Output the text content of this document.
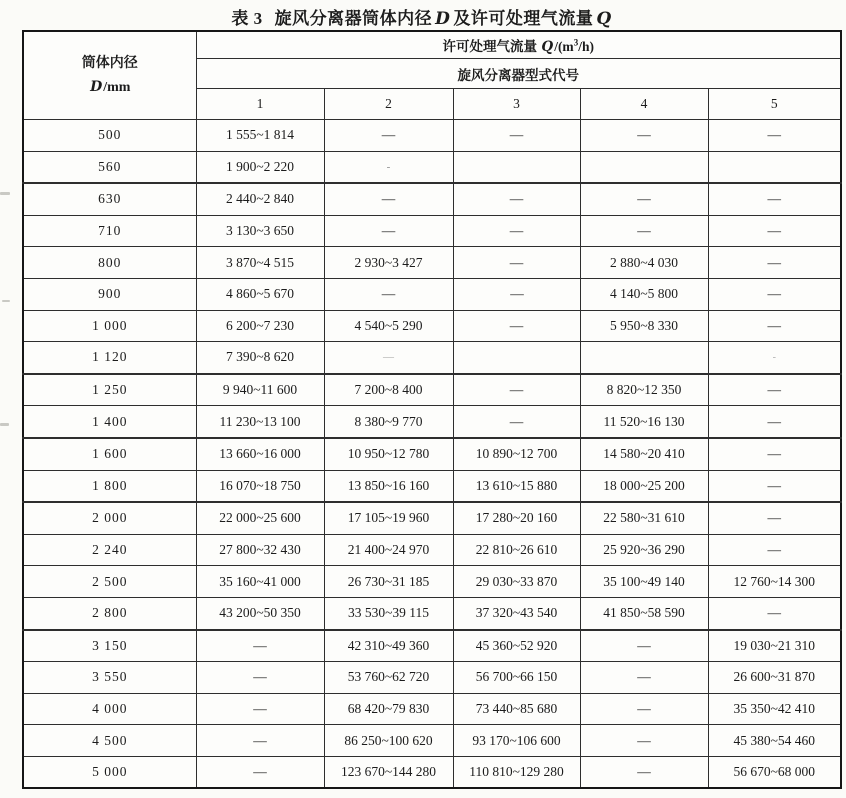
表 3 旋风分离器筒体内径 D 及许可处理气流量 Q
筒体内径
D/mm	许可处理气流量 $Q/(m^3/h)$				
	旋风分离器型式代号				
	1	2	3	4	5
500	1 555~1 814	—	—	—	—
560	1 900~2 220	-			
630	2 440~2 840	—	—	—	—
710	3 130~3 650	—	—	—	—
800	3 870~4 515	2 930~3 427	—	2 880~4 030	—
900	4 860~5 670	—	—	4 140~5 800	—
1 000	6 200~7 230	4 540~5 290	—	5 950~8 330	—
1 120	7 390~8 620	—			-
1 250	9 940~11 600	7 200~8 400	—	8 820~12 350	—
1 400	11 230~13 100	8 380~9 770	—	11 520~16 130	—
1 600	13 660~16 000	10 950~12 780	10 890~12 700	14 580~20 410	—
1 800	16 070~18 750	13 850~16 160	13 610~15 880	18 000~25 200	—
2 000	22 000~25 600	17 105~19 960	17 280~20 160	22 580~31 610	—
2 240	27 800~32 430	21 400~24 970	22 810~26 610	25 920~36 290	—
2 500	35 160~41 000	26 730~31 185	29 030~33 870	35 100~49 140	12 760~14 300
2 800	43 200~50 350	33 530~39 115	37 320~43 540	41 850~58 590	—
3 150	—	42 310~49 360	45 360~52 920	—	19 030~21 310
3 550	—	53 760~62 720	56 700~66 150	—	26 600~31 870
4 000	—	68 420~79 830	73 440~85 680	—	35 350~42 410
4 500	—	86 250~100 620	93 170~106 600	—	45 380~54 460
5 000	—	123 670~144 280	110 810~129 280	—	56 670~68 000
